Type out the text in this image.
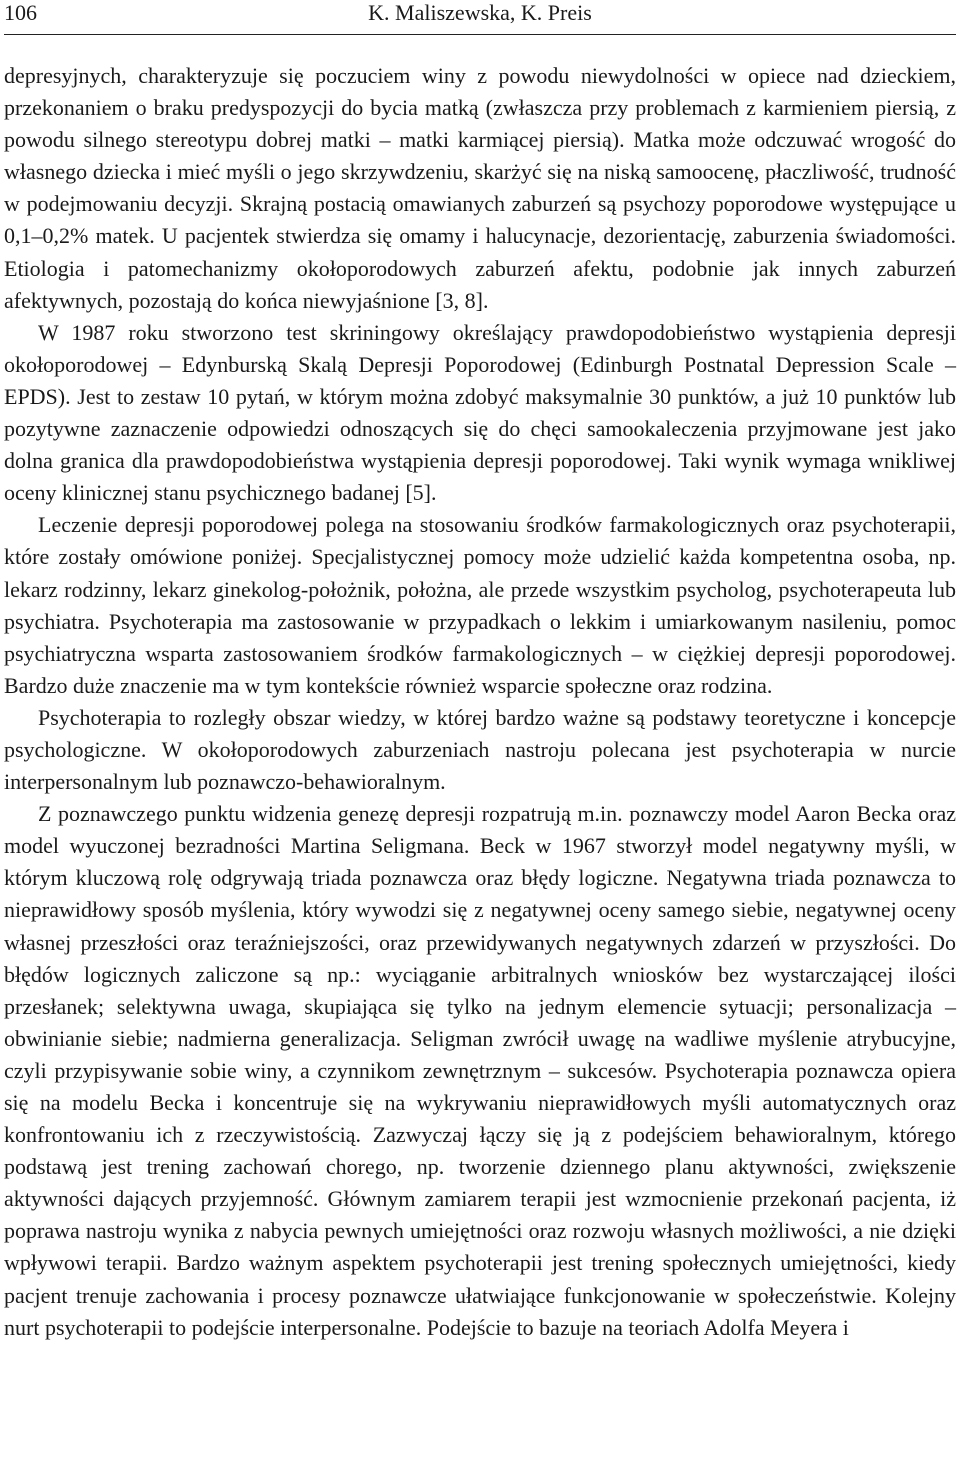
106	K. Maliszewska, K. Preis

depresyjnych, charakteryzuje się poczuciem winy z powodu niewydolności w opiece nad dzieckiem, przekonaniem o braku predyspozycji do bycia matką (zwłaszcza przy problemach z karmieniem piersią, z powodu silnego stereotypu dobrej matki – matki karmiącej piersią). Matka może odczuwać wrogość do własnego dziecka i mieć myśli o jego skrzywdzeniu, skarżyć się na niską samoocenę, płaczliwość, trudność w podejmowaniu decyzji. Skrajną postacią omawianych zaburzeń są psychozy poporodowe występujące u 0,1–0,2% matek. U pacjentek stwierdza się omamy i halucynacje, dezorientację, zaburzenia świadomości. Etiologia i patomechanizmy okołoporodowych zaburzeń afektu, podobnie jak innych zaburzeń afektywnych, pozostają do końca niewyjaśnione [3, 8].

W 1987 roku stworzono test skriningowy określający prawdopodobieństwo wystąpienia depresji okołoporodowej – Edynburską Skalą Depresji Poporodowej (Edinburgh Postnatal Depression Scale – EPDS). Jest to zestaw 10 pytań, w którym można zdobyć maksymalnie 30 punktów, a już 10 punktów lub pozytywne zaznaczenie odpowiedzi odnoszących się do chęci samookaleczenia przyjmowane jest jako dolna granica dla prawdopodobieństwa wystąpienia depresji poporodowej. Taki wynik wymaga wnikliwej oceny klinicznej stanu psychicznego badanej [5].

Leczenie depresji poporodowej polega na stosowaniu środków farmakologicznych oraz psychoterapii, które zostały omówione poniżej. Specjalistycznej pomocy może udzielić każda kompetentna osoba, np. lekarz rodzinny, lekarz ginekolog-położnik, położna, ale przede wszystkim psycholog, psychoterapeuta lub psychiatra. Psychoterapia ma zastosowanie w przypadkach o lekkim i umiarkowanym nasileniu, pomoc psychiatryczna wsparta zastosowaniem środków farmakologicznych – w ciężkiej depresji poporodowej. Bardzo duże znaczenie ma w tym kontekście również wsparcie społeczne oraz rodzina.

Psychoterapia to rozległy obszar wiedzy, w której bardzo ważne są podstawy teoretyczne i koncepcje psychologiczne. W okołoporodowych zaburzeniach nastroju polecana jest psychoterapia w nurcie interpersonalnym lub poznawczo-behawioralnym.

Z poznawczego punktu widzenia genezę depresji rozpatrują m.in. poznawczy model Aaron Becka oraz model wyuczonej bezradności Martina Seligmana. Beck w 1967 stworzył model negatywny myśli, w którym kluczową rolę odgrywają triada poznawcza oraz błędy logiczne. Negatywna triada poznawcza to nieprawidłowy sposób myślenia, który wywodzi się z negatywnej oceny samego siebie, negatywnej oceny własnej przeszłości oraz teraźniejszości, oraz przewidywanych negatywnych zdarzeń w przyszłości. Do błędów logicznych zaliczone są np.: wyciąganie arbitralnych wniosków bez wystarczającej ilości przesłanek; selektywna uwaga, skupiająca się tylko na jednym elemencie sytuacji; personalizacja – obwinianie siebie; nadmierna generalizacja. Seligman zwrócił uwagę na wadliwe myślenie atrybucyjne, czyli przypisywanie sobie winy, a czynnikom zewnętrznym – sukcesów. Psychoterapia poznawcza opiera się na modelu Becka i koncentruje się na wykrywaniu nieprawidłowych myśli automatycznych oraz konfrontowaniu ich z rzeczywistością. Zazwyczaj łączy się ją z podejściem behawioralnym, którego podstawą jest trening zachowań chorego, np. tworzenie dziennego planu aktywności, zwiększenie aktywności dających przyjemność. Głównym zamiarem terapii jest wzmocnienie przekonań pacjenta, iż poprawa nastroju wynika z nabycia pewnych umiejętności oraz rozwoju własnych możliwości, a nie dzięki wpływowi terapii. Bardzo ważnym aspektem psychoterapii jest trening społecznych umiejętności, kiedy pacjent trenuje zachowania i procesy poznawcze ułatwiające funkcjonowanie w społeczeństwie. Kolejny nurt psychoterapii to podejście interpersonalne. Podejście to bazuje na teoriach Adolfa Meyera i
